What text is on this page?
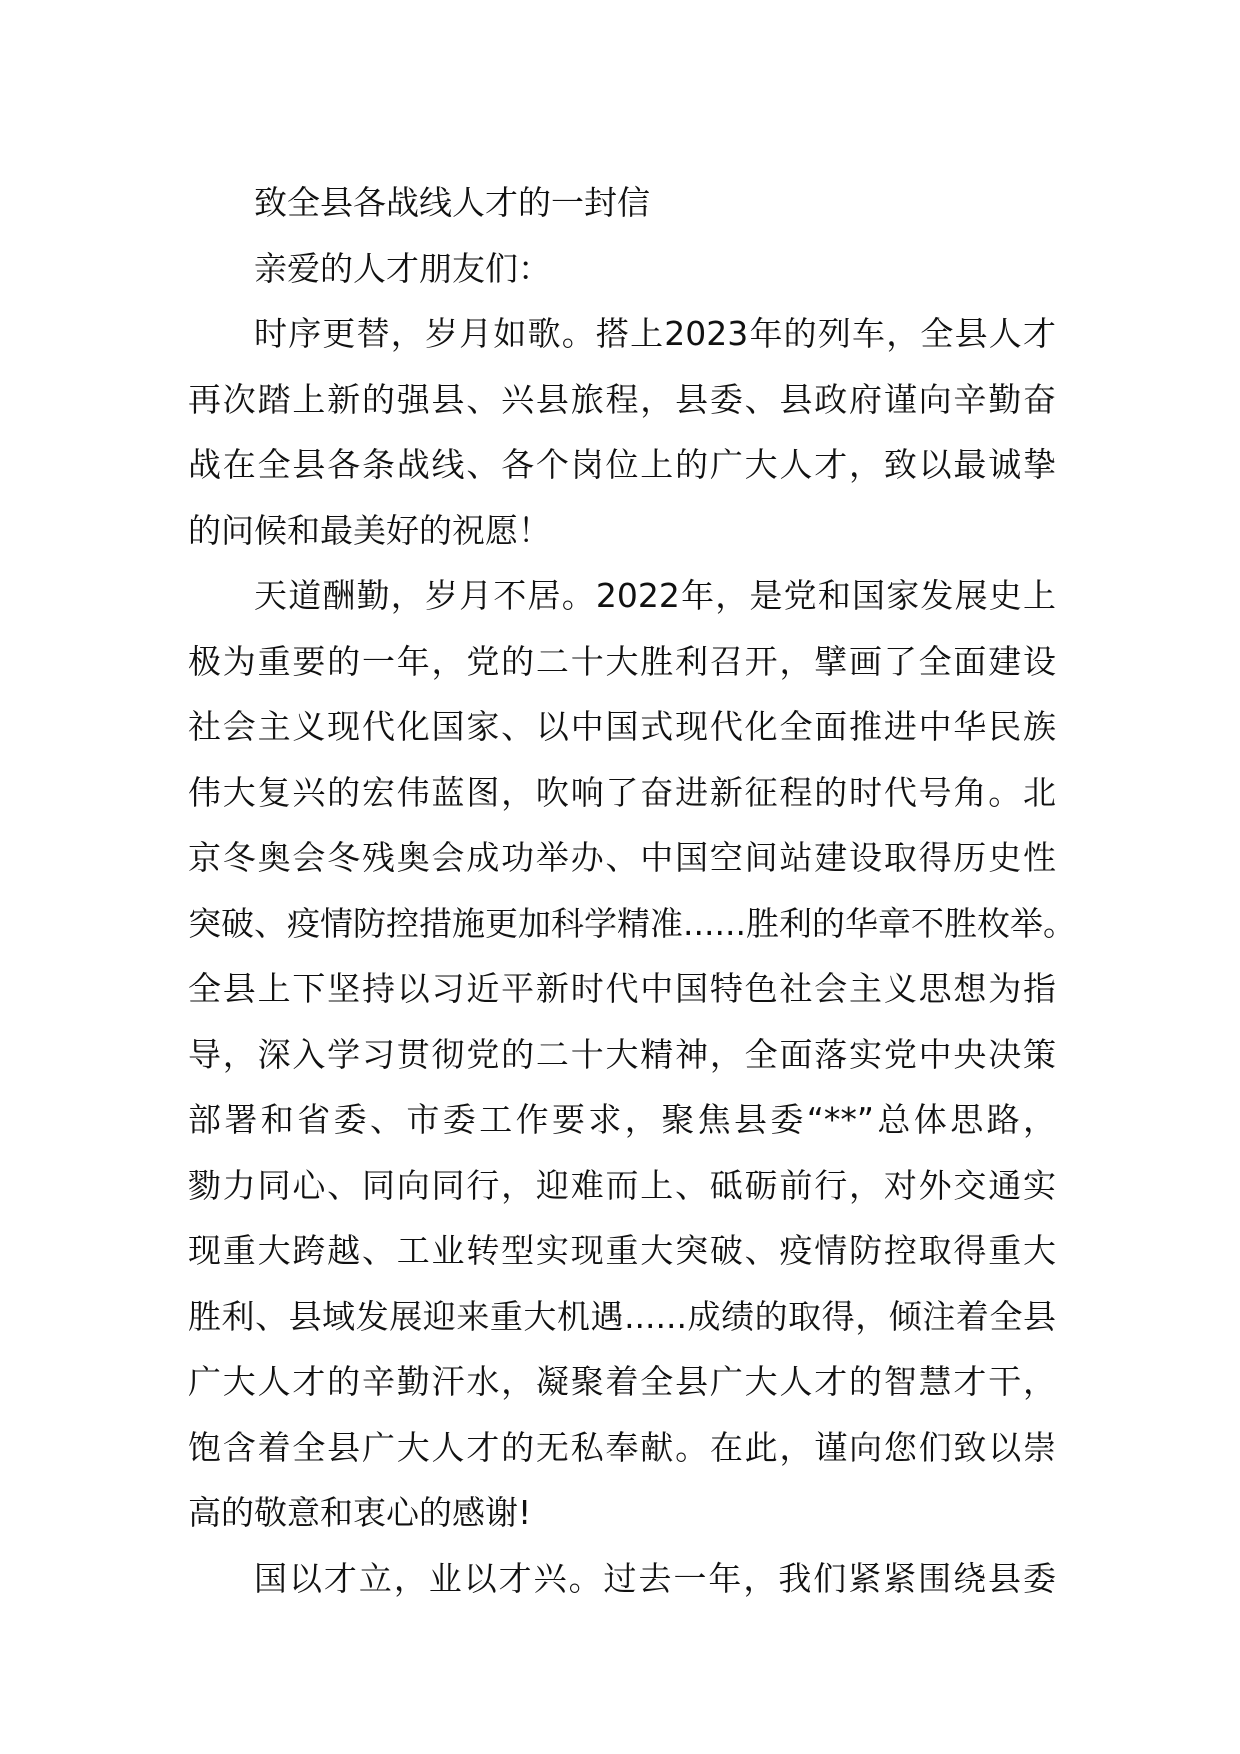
致全县各战线人才的一封信
亲爱的人才朋友们：
时序更替，岁月如歌。搭上2023年的列车，全县人才
再次踏上新的强县、兴县旅程，县委、县政府谨向辛勤奋
战在全县各条战线、各个岗位上的广大人才，致以最诚挚
的问候和最美好的祝愿！
天道酬勤，岁月不居。2022年，是党和国家发展史上
极为重要的一年，党的二十大胜利召开，擘画了全面建设
社会主义现代化国家、以中国式现代化全面推进中华民族
伟大复兴的宏伟蓝图，吹响了奋进新征程的时代号角。北
京冬奥会冬残奥会成功举办、中国空间站建设取得历史性
突破、疫情防控措施更加科学精准......胜利的华章不胜枚举。
全县上下坚持以习近平新时代中国特色社会主义思想为指
导，深入学习贯彻党的二十大精神，全面落实党中央决策
部署和省委、市委工作要求，聚焦县委“**”总体思路，
勠力同心、同向同行，迎难而上、砥砺前行，对外交通实
现重大跨越、工业转型实现重大突破、疫情防控取得重大
胜利、县域发展迎来重大机遇......成绩的取得，倾注着全县
广大人才的辛勤汗水，凝聚着全县广大人才的智慧才干，
饱含着全县广大人才的无私奉献。在此，谨向您们致以崇
高的敬意和衷心的感谢!
国以才立，业以才兴。过去一年，我们紧紧围绕县委
